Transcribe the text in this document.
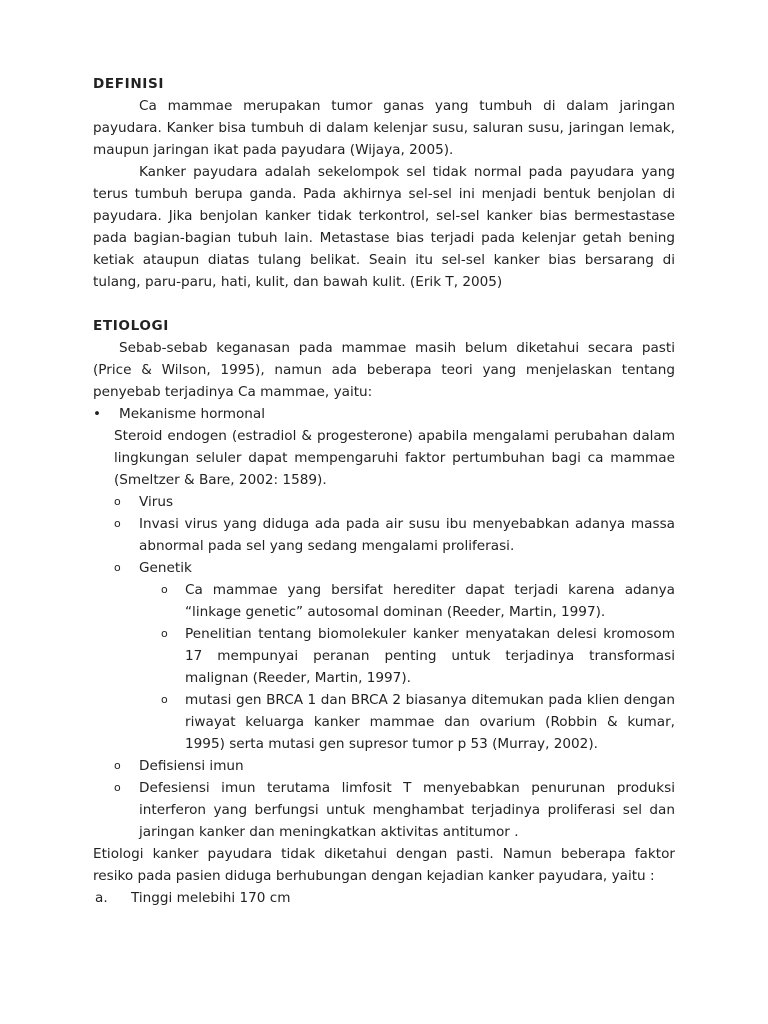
DEFINISI

Ca mammae merupakan tumor ganas yang tumbuh di dalam jaringan payudara. Kanker bisa tumbuh di dalam kelenjar susu, saluran susu, jaringan lemak, maupun jaringan ikat pada payudara (Wijaya, 2005).

Kanker payudara adalah sekelompok sel tidak normal pada payudara yang terus tumbuh berupa ganda. Pada akhirnya sel-sel ini menjadi bentuk benjolan di payudara. Jika benjolan kanker tidak terkontrol, sel-sel kanker bias bermestastase pada bagian-bagian tubuh lain. Metastase bias terjadi pada kelenjar getah bening ketiak ataupun diatas tulang belikat. Seain itu sel-sel kanker bias bersarang di tulang, paru-paru, hati, kulit, dan bawah kulit. (Erik T, 2005)

ETIOLOGI

Sebab-sebab keganasan pada mammae masih belum diketahui secara pasti (Price & Wilson, 1995), namun ada beberapa teori yang menjelaskan tentang penyebab terjadinya Ca mammae, yaitu:

•	Mekanisme hormonal

Steroid endogen (estradiol & progesterone) apabila mengalami perubahan dalam lingkungan seluler dapat mempengaruhi faktor pertumbuhan bagi ca mammae (Smeltzer & Bare, 2002: 1589).

o	Virus
o	Invasi virus yang diduga ada pada air susu ibu menyebabkan adanya massa abnormal pada sel yang sedang mengalami proliferasi.
o	Genetik
o	Ca mammae yang bersifat herediter dapat terjadi karena adanya “linkage genetic” autosomal dominan (Reeder, Martin, 1997).
o	Penelitian tentang biomolekuler kanker menyatakan delesi kromosom 17 mempunyai peranan penting untuk terjadinya transformasi malignan (Reeder, Martin, 1997).
o	mutasi gen BRCA 1 dan BRCA 2 biasanya ditemukan pada klien dengan riwayat keluarga kanker mammae dan ovarium (Robbin & kumar, 1995) serta mutasi gen supresor tumor p 53 (Murray, 2002).
o	Defisiensi imun
o	Defesiensi imun terutama limfosit T menyebabkan penurunan produksi interferon yang berfungsi untuk menghambat terjadinya proliferasi sel dan jaringan kanker dan meningkatkan aktivitas antitumor .

Etiologi kanker payudara tidak diketahui dengan pasti. Namun beberapa faktor resiko pada pasien diduga berhubungan dengan kejadian kanker payudara, yaitu :

a.	Tinggi melebihi 170 cm
